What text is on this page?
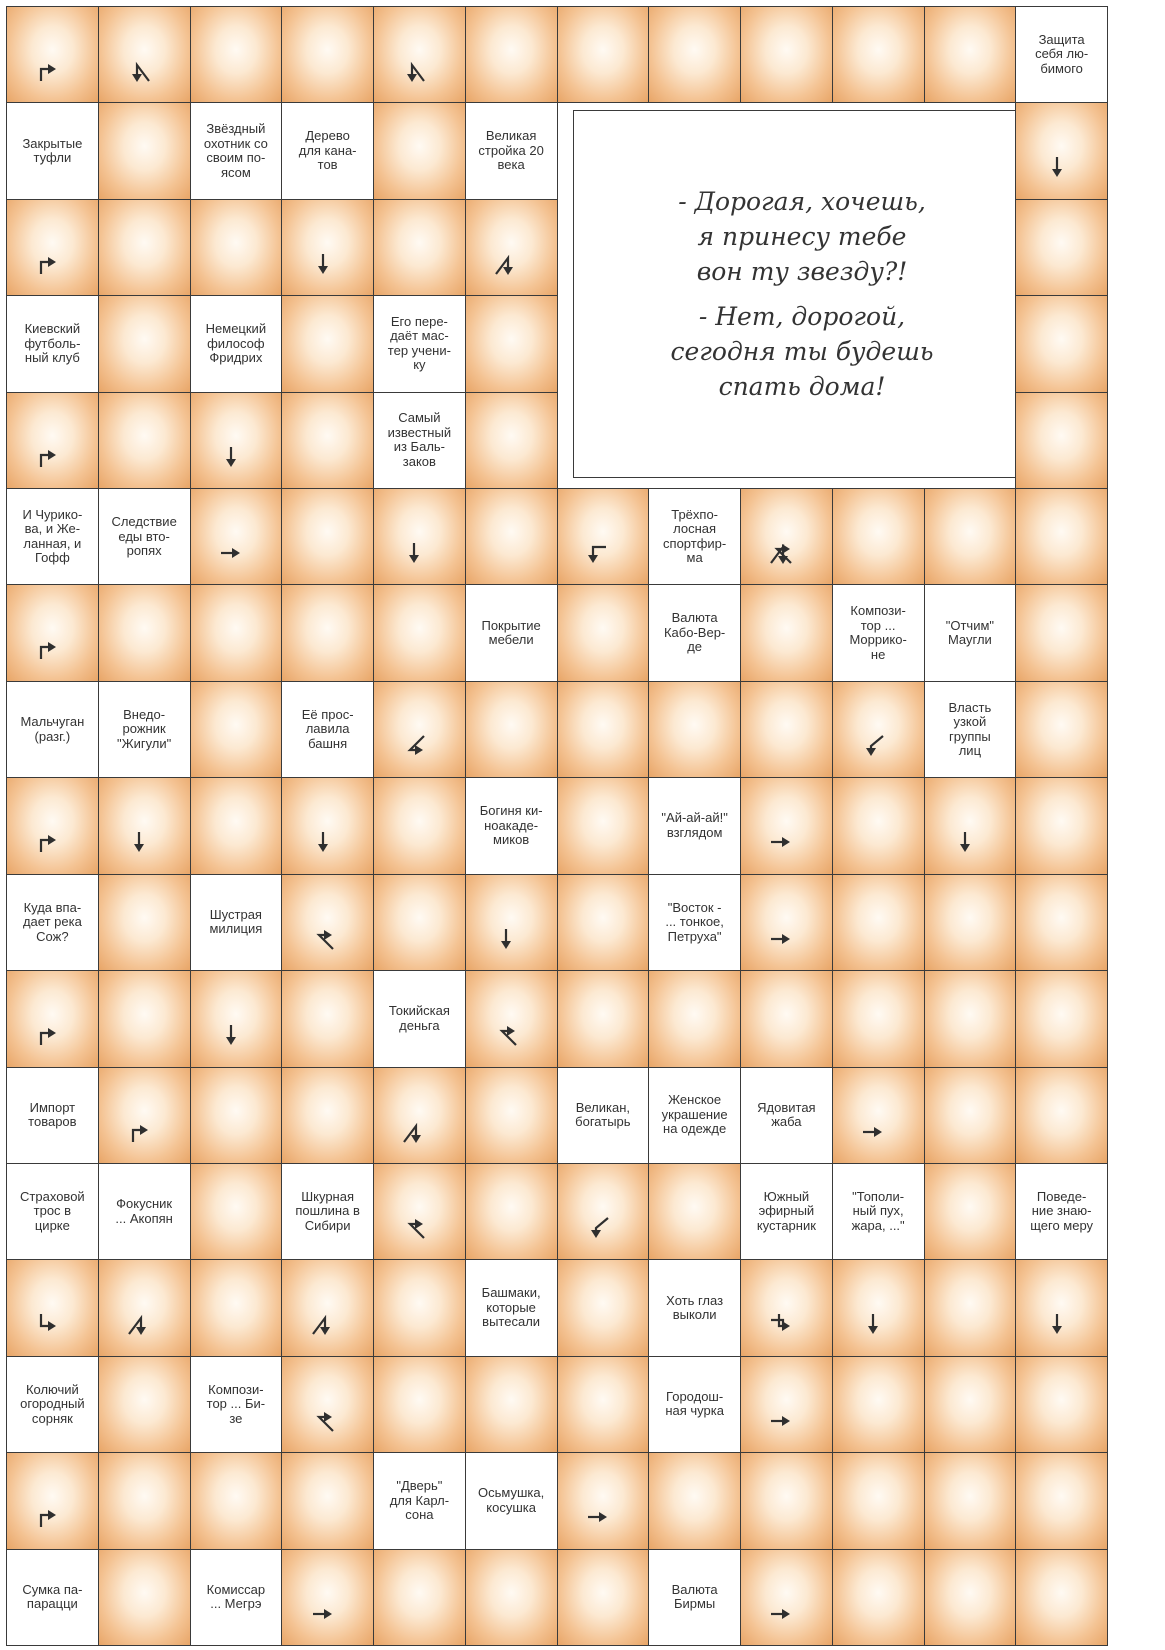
- Дорогая, хочешь,
я принесу тебе
вон ту звезду?!
- Нет, дорогой,
сегодня ты будешь
спать дома!
Защита
себя лю-
бимого
Закрытые
туфли
Звёздный
охотник со
своим по-
ясом
Дерево
для кана-
тов
Великая
стройка 20
века
Киевский
футболь-
ный клуб
Немецкий
философ
Фридрих
Его пере-
даёт мас-
тер учени-
ку
Самый
известный
из Баль-
заков
И Чурико-
ва, и Же-
ланная, и
Гофф
Следствие
еды вто-
ропях
Трёхпо-
лосная
спортфир-
ма
Покрытие
мебели
Валюта
Кабо-Вер-
де
Компози-
тор ...
Моррико-
не
"Отчим"
Маугли
Мальчуган
(разг.)
Внедо-
рожник
"Жигули"
Её прос-
лавила
башня
Власть
узкой
группы
лиц
Богиня ки-
ноакаде-
миков
"Ай-ай-ай!"
взглядом
Куда впа-
дает река
Сож?
Шустрая
милиция
"Восток -
... тонкое,
Петруха"
Токийская
деньга
Импорт
товаров
Великан,
богатырь
Женское
украшение
на одежде
Ядовитая
жаба
Страховой
трос в
цирке
Фокусник
... Акопян
Шкурная
пошлина в
Сибири
Южный
эфирный
кустарник
"Тополи-
ный пух,
жара, ..."
Поведе-
ние знаю-
щего меру
Башмаки,
которые
вытесали
Хоть глаз
выколи
Колючий
огородный
сорняк
Компози-
тор ... Би-
зе
Городош-
ная чурка
"Дверь"
для Карл-
сона
Осьмушка,
косушка
Сумка па-
парацци
Комиссар
... Мегрэ
Валюта
Бирмы
